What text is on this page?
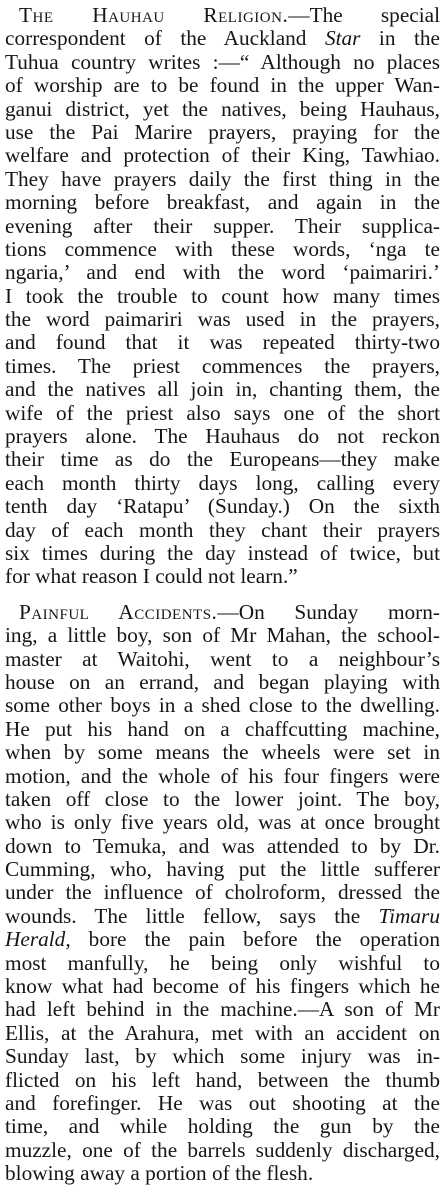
The Hauhau Religion.—The special
correspondent of the Auckland Star in the
Tuhua country writes :—“ Although no places
of worship are to be found in the upper Wan-
ganui district, yet the natives, being Hauhaus,
use the Pai Marire prayers, praying for the
welfare and protection of their King, Tawhiao.
They have prayers daily the first thing in the
morning before breakfast, and again in the
evening after their supper. Their supplica-
tions commence with these words, ‘nga te
ngaria,’ and end with the word ‘paimariri.’
I took the trouble to count how many times
the word paimariri was used in the prayers,
and found that it was repeated thirty-two
times. The priest commences the prayers,
and the natives all join in, chanting them, the
wife of the priest also says one of the short
prayers alone. The Hauhaus do not reckon
their time as do the Europeans—they make
each month thirty days long, calling every
tenth day ‘Ratapu’ (Sunday.) On the sixth
day of each month they chant their prayers
six times during the day instead of twice, but
for what reason I could not learn.”
Painful Accidents.—On Sunday morn-
ing, a little boy, son of Mr Mahan, the school-
master at Waitohi, went to a neighbour’s
house on an errand, and began playing with
some other boys in a shed close to the dwelling.
He put his hand on a chaffcutting machine,
when by some means the wheels were set in
motion, and the whole of his four fingers were
taken off close to the lower joint. The boy,
who is only five years old, was at once brought
down to Temuka, and was attended to by Dr.
Cumming, who, having put the little sufferer
under the influence of cholroform, dressed the
wounds. The little fellow, says the Timaru
Herald, bore the pain before the operation
most manfully, he being only wishful to
know what had become of his fingers which he
had left behind in the machine.—A son of Mr
Ellis, at the Arahura, met with an accident on
Sunday last, by which some injury was in-
flicted on his left hand, between the thumb
and forefinger. He was out shooting at the
time, and while holding the gun by the
muzzle, one of the barrels suddenly discharged,
blowing away a portion of the flesh.
